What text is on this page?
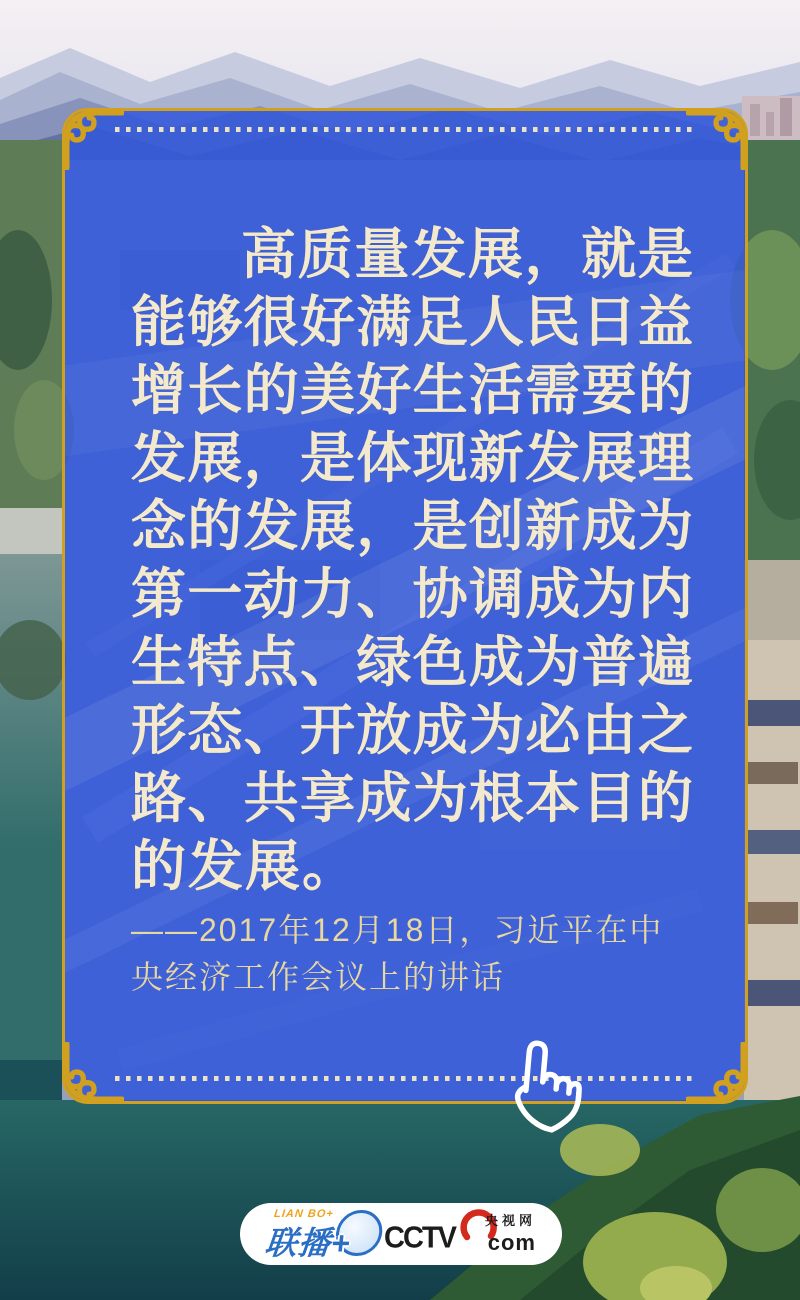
高 质 量 发 展 ， 就 是
能 够 很 好 满 足 人 民 日 益
增 长 的 美 好 生 活 需 要 的
发 展 ， 是 体 现 新 发 展 理
念 的 发 展 ， 是 创 新 成 为
第 一 动 力 、 协 调 成 为 内
生 特 点 、 绿 色 成 为 普 遍
形 态 、 开 放 成 为 必 由 之
路 、 共 享 成 为 根 本 目 的
的 发 展 。
——2017年12月18日，习近平在中
央经济工作会议上的讲话
LIAN BO+
联播+ CCTV
央视网
com
